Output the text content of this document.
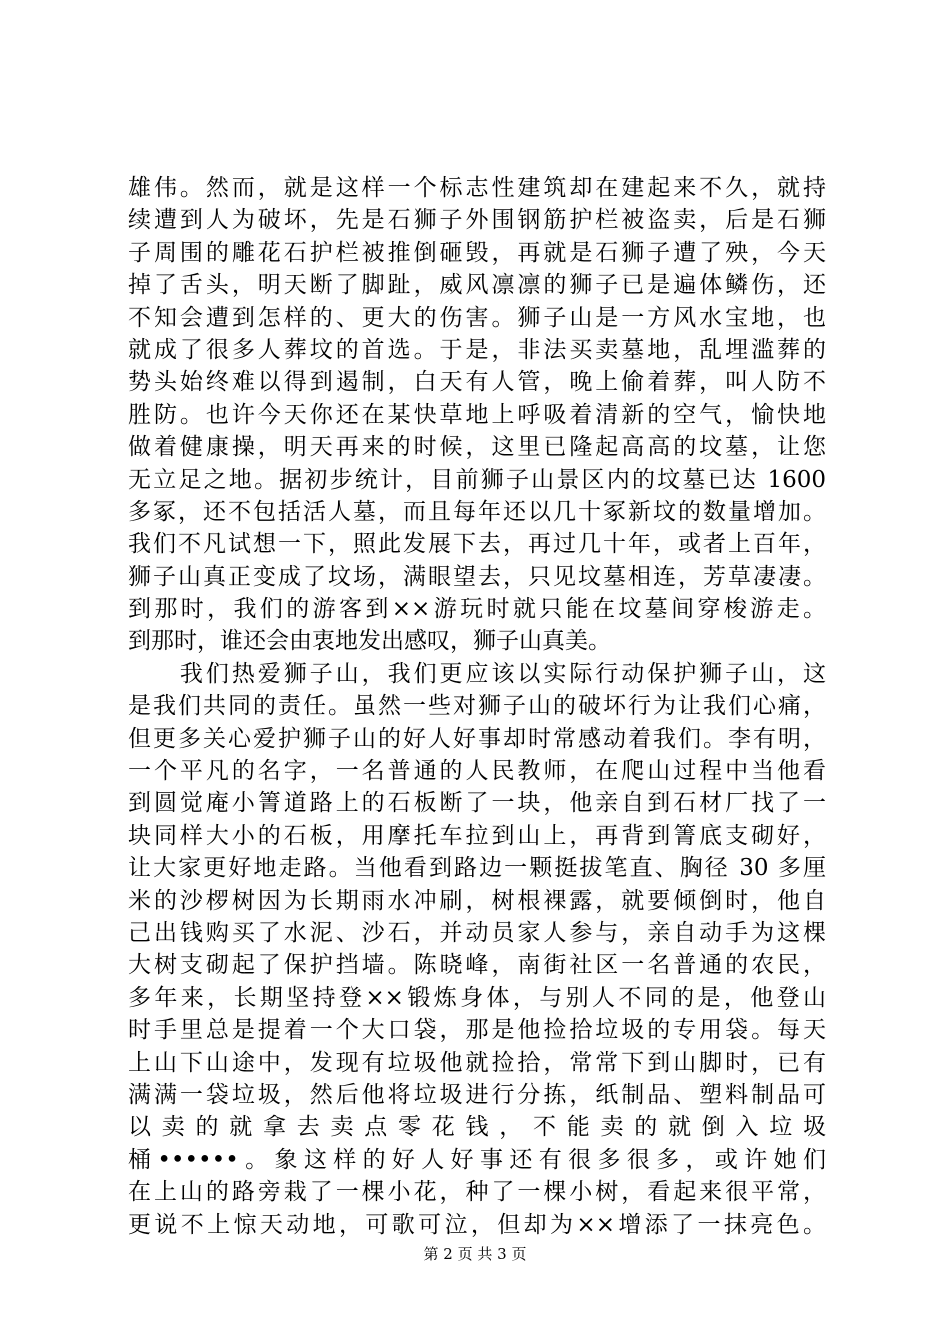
雄伟。然而，就是这样一个标志性建筑却在建起来不久，就持
续遭到人为破坏，先是石狮子外围钢筋护栏被盗卖，后是石狮
子周围的雕花石护栏被推倒砸毁，再就是石狮子遭了殃，今天
掉了舌头，明天断了脚趾，威风凛凛的狮子已是遍体鳞伤，还
不知会遭到怎样的、更大的伤害。狮子山是一方风水宝地，也
就成了很多人葬坟的首选。于是，非法买卖墓地，乱埋滥葬的
势头始终难以得到遏制，白天有人管，晚上偷着葬，叫人防不
胜防。也许今天你还在某快草地上呼吸着清新的空气，愉快地
做着健康操，明天再来的时候，这里已隆起高高的坟墓，让您
无立足之地。据初步统计，目前狮子山景区内的坟墓已达 1600
多冢，还不包括活人墓，而且每年还以几十冢新坟的数量增加。
我们不凡试想一下，照此发展下去，再过几十年，或者上百年，
狮子山真正变成了坟场，满眼望去，只见坟墓相连，芳草凄凄。
到那时，我们的游客到××游玩时就只能在坟墓间穿梭游走。
到那时，谁还会由衷地发出感叹，狮子山真美。
　　我们热爱狮子山，我们更应该以实际行动保护狮子山，这
是我们共同的责任。虽然一些对狮子山的破坏行为让我们心痛，
但更多关心爱护狮子山的好人好事却时常感动着我们。李有明，
一个平凡的名字，一名普通的人民教师，在爬山过程中当他看
到圆觉庵小箐道路上的石板断了一块，他亲自到石材厂找了一
块同样大小的石板，用摩托车拉到山上，再背到箐底支砌好，
让大家更好地走路。当他看到路边一颗挺拔笔直、胸径 30 多厘
米的沙椤树因为长期雨水冲刷，树根裸露，就要倾倒时，他自
己出钱购买了水泥、沙石，并动员家人参与，亲自动手为这棵
大树支砌起了保护挡墙。陈晓峰，南街社区一名普通的农民，
多年来，长期坚持登××锻炼身体，与别人不同的是，他登山
时手里总是提着一个大口袋，那是他捡拾垃圾的专用袋。每天
上山下山途中，发现有垃圾他就捡拾，常常下到山脚时，已有
满满一袋垃圾，然后他将垃圾进行分拣，纸制品、塑料制品可
以 卖 的 就 拿 去 卖 点 零 花 钱 ， 不 能 卖 的 就 倒 入 垃 圾
桶••••••。象这样的好人好事还有很多很多，或许她们
在上山的路旁栽了一棵小花，种了一棵小树，看起来很平常，
更说不上惊天动地，可歌可泣，但却为××增添了一抹亮色。
第 2 页 共 3 页
